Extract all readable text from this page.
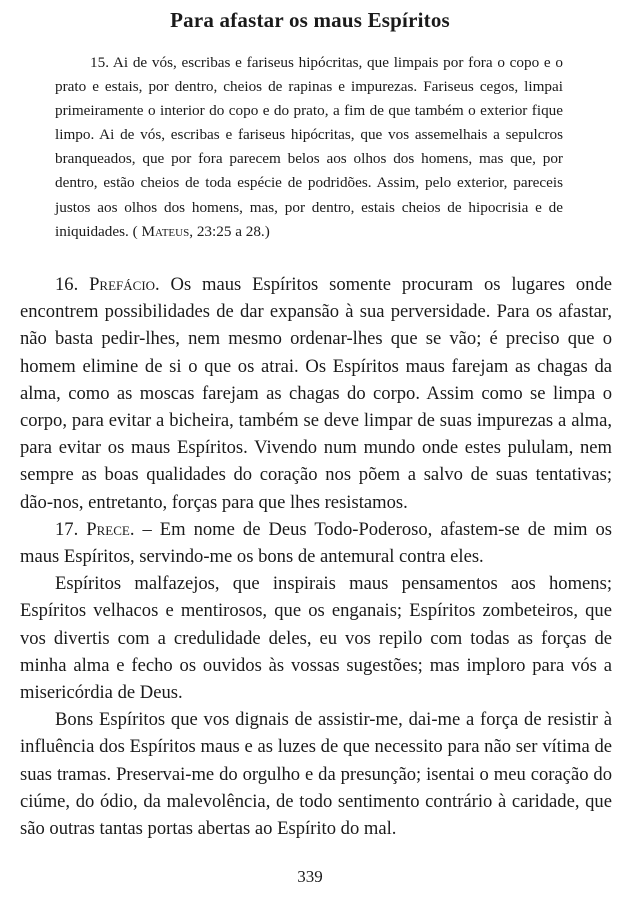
Para afastar os maus Espíritos

15. Ai de vós, escribas e fariseus hipócritas, que limpais por fora o copo e o prato e estais, por dentro, cheios de rapinas e impurezas. Fariseus cegos, limpai primeiramente o interior do copo e do prato, a fim de que também o exterior fique limpo. Ai de vós, escribas e fariseus hipócritas, que vos assemelhais a sepulcros branqueados, que por fora parecem belos aos olhos dos homens, mas que, por dentro, estão cheios de toda espécie de podridões. Assim, pelo exterior, pareceis justos aos olhos dos homens, mas, por dentro, estais cheios de hipocrisia e de iniquidades. ( Mateus, 23:25 a 28.)

16. Prefácio. Os maus Espíritos somente procuram os lugares onde encontrem possibilidades de dar expansão à sua perversidade. Para os afastar, não basta pedir-lhes, nem mesmo ordenar-lhes que se vão; é preciso que o homem elimine de si o que os atrai. Os Espíritos maus farejam as chagas da alma, como as moscas farejam as chagas do corpo. Assim como se limpa o corpo, para evitar a bicheira, também se deve limpar de suas impurezas a alma, para evitar os maus Espíritos. Vivendo num mundo onde estes pululam, nem sempre as boas qualidades do coração nos põem a salvo de suas tentativas; dão-nos, entretanto, forças para que lhes resistamos.

17. Prece. – Em nome de Deus Todo-Poderoso, afastem-se de mim os maus Espíritos, servindo-me os bons de antemural contra eles.

Espíritos malfazejos, que inspirais maus pensamentos aos homens; Espíritos velhacos e mentirosos, que os enganais; Espíritos zombeteiros, que vos divertis com a credulidade deles, eu vos repilo com todas as forças de minha alma e fecho os ouvidos às vossas sugestões; mas imploro para vós a misericórdia de Deus.

Bons Espíritos que vos dignais de assistir-me, dai-me a força de resistir à influência dos Espíritos maus e as luzes de que necessito para não ser vítima de suas tramas. Preservai-me do orgulho e da presunção; isentai o meu coração do ciúme, do ódio, da malevolência, de todo sentimento contrário à caridade, que são outras tantas portas abertas ao Espírito do mal.

339
